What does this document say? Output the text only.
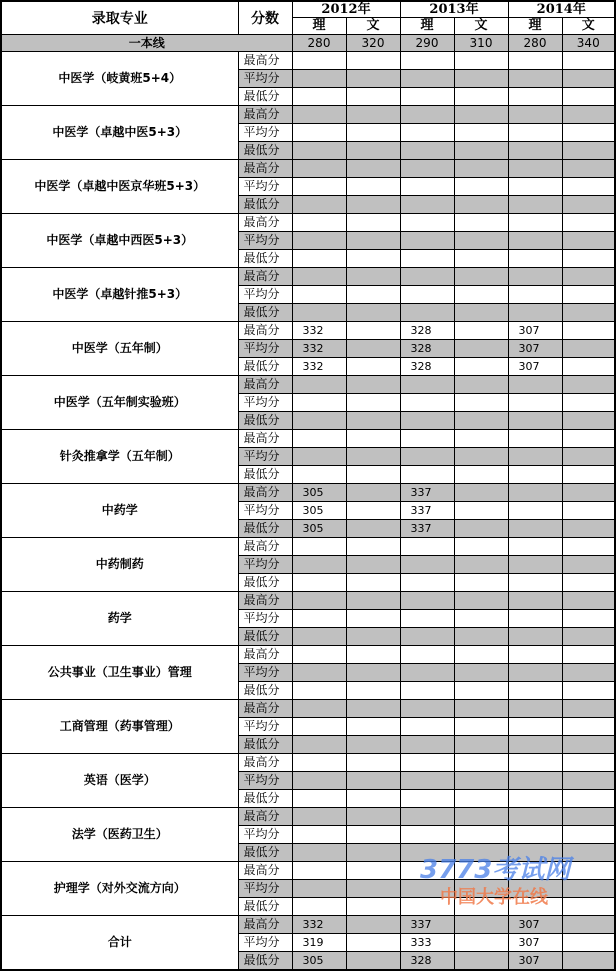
录取专业	分数	2012年		2013年		2014年	
		理	文	理	文	理	文
一本线		280	320	290	310	280	340
中医学（岐黄班5+4）	最高分						
	平均分						
	最低分						
中医学（卓越中医5+3）	最高分						
	平均分						
	最低分						
中医学（卓越中医京华班5+3）	最高分						
	平均分						
	最低分						
中医学（卓越中西医5+3）	最高分						
	平均分						
	最低分						
中医学（卓越针推5+3）	最高分						
	平均分						
	最低分						
中医学（五年制）	最高分	332		328		307	
	平均分	332		328		307	
	最低分	332		328		307	
中医学（五年制实验班）	最高分						
	平均分						
	最低分						
针灸推拿学（五年制）	最高分						
	平均分						
	最低分						
中药学	最高分	305		337			
	平均分	305		337			
	最低分	305		337			
中药制药	最高分						
	平均分						
	最低分						
药学	最高分						
	平均分						
	最低分						
公共事业（卫生事业）管理	最高分						
	平均分						
	最低分						
工商管理（药事管理）	最高分						
	平均分						
	最低分						
英语（医学）	最高分						
	平均分						
	最低分						
法学（医药卫生）	最高分						
	平均分						
	最低分						
护理学（对外交流方向）	最高分						
	平均分						
	最低分						
合计	最高分	332		337		307	
	平均分	319		333		307	
	最低分	305		328		307	
3773考试网
中国大学在线
